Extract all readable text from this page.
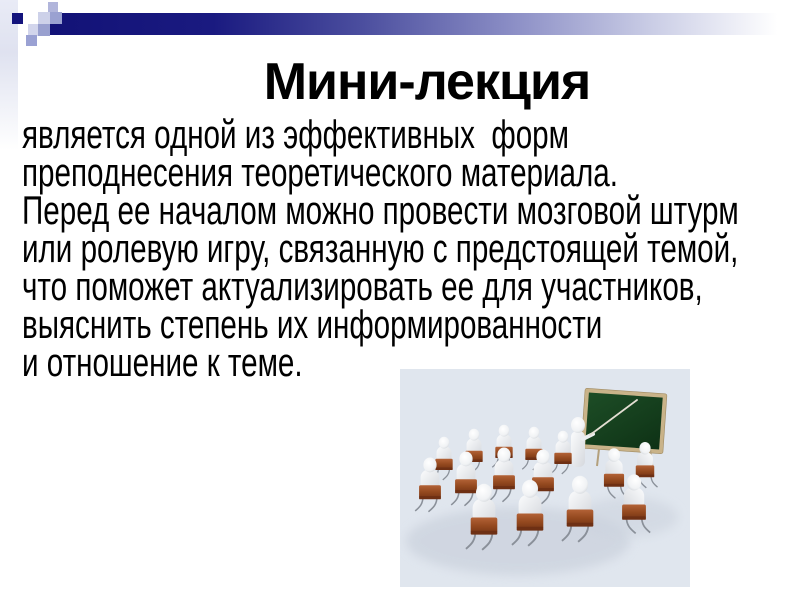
Мини-лекция
является одной из эффективных  форм
преподнесения теоретического материала.
Перед ее началом можно провести мозговой штурм
или ролевую игру, связанную с предстоящей темой,
что поможет актуализировать ее для участников,
выяснить степень их информированности
и отношение к теме.
